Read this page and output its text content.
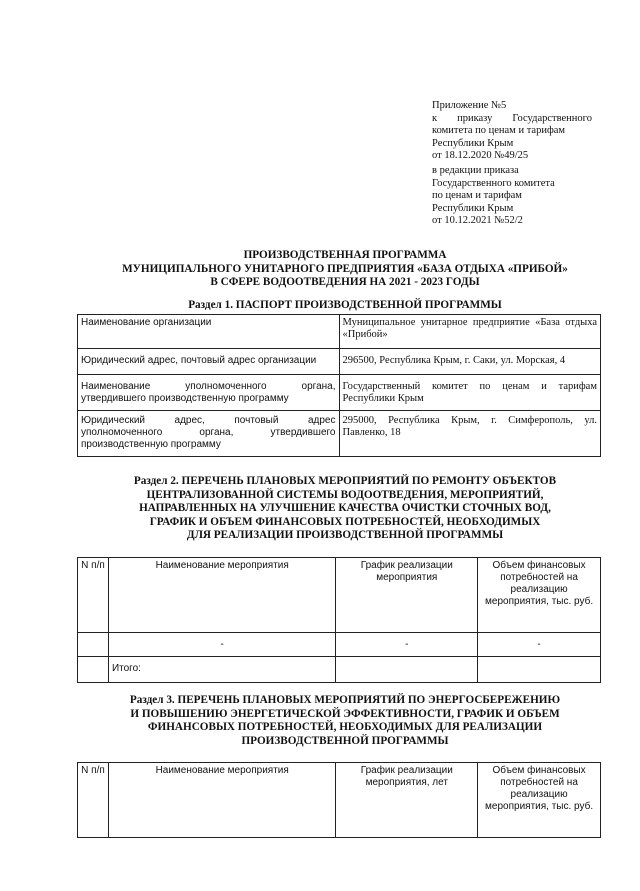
Приложение №5
к приказу Государственного
комитета по ценам и тарифам
Республики Крым
от 18.12.2020 №49/25
в редакции приказа
Государственного комитета
по ценам и тарифам
Республики Крым
от 10.12.2021 №52/2
ПРОИЗВОДСТВЕННАЯ ПРОГРАММА
МУНИЦИПАЛЬНОГО УНИТАРНОГО ПРЕДПРИЯТИЯ «БАЗА ОТДЫХА «ПРИБОЙ»
В СФЕРЕ ВОДООТВЕДЕНИЯ НА 2021 - 2023 ГОДЫ
Раздел 1. ПАСПОРТ ПРОИЗВОДСТВЕННОЙ ПРОГРАММЫ
Наименование организации	Муниципальное унитарное предприятие «База отдыха «Прибой»
Юридический адрес, почтовый адрес организации	296500, Республика Крым, г. Саки, ул. Морская, 4
Наименование уполномоченного органа, утвердившего производственную программу	Государственный комитет по ценам и тарифам Республики Крым
Юридический адрес, почтовый адрес уполномоченного органа, утвердившего производственную программу	295000, Республика Крым, г. Симферополь, ул. Павленко, 18
Раздел 2. ПЕРЕЧЕНЬ ПЛАНОВЫХ МЕРОПРИЯТИЙ ПО РЕМОНТУ ОБЪЕКТОВ
ЦЕНТРАЛИЗОВАННОЙ СИСТЕМЫ ВОДООТВЕДЕНИЯ, МЕРОПРИЯТИЙ,
НАПРАВЛЕННЫХ НА УЛУЧШЕНИЕ КАЧЕСТВА ОЧИСТКИ СТОЧНЫХ ВОД,
ГРАФИК И ОБЪЕМ ФИНАНСОВЫХ ПОТРЕБНОСТЕЙ, НЕОБХОДИМЫХ
ДЛЯ РЕАЛИЗАЦИИ ПРОИЗВОДСТВЕННОЙ ПРОГРАММЫ
N п/п	Наименование мероприятия	График реализации мероприятия	Объем финансовых потребностей на реализацию мероприятия, тыс. руб.
	-	-	-
	Итого:		
Раздел 3. ПЕРЕЧЕНЬ ПЛАНОВЫХ МЕРОПРИЯТИЙ ПО ЭНЕРГОСБЕРЕЖЕНИЮ
И ПОВЫШЕНИЮ ЭНЕРГЕТИЧЕСКОЙ ЭФФЕКТИВНОСТИ, ГРАФИК И ОБЪЕМ
ФИНАНСОВЫХ ПОТРЕБНОСТЕЙ, НЕОБХОДИМЫХ ДЛЯ РЕАЛИЗАЦИИ
ПРОИЗВОДСТВЕННОЙ ПРОГРАММЫ
N п/п	Наименование мероприятия	График реализации мероприятия, лет	Объем финансовых потребностей на реализацию мероприятия, тыс. руб.
